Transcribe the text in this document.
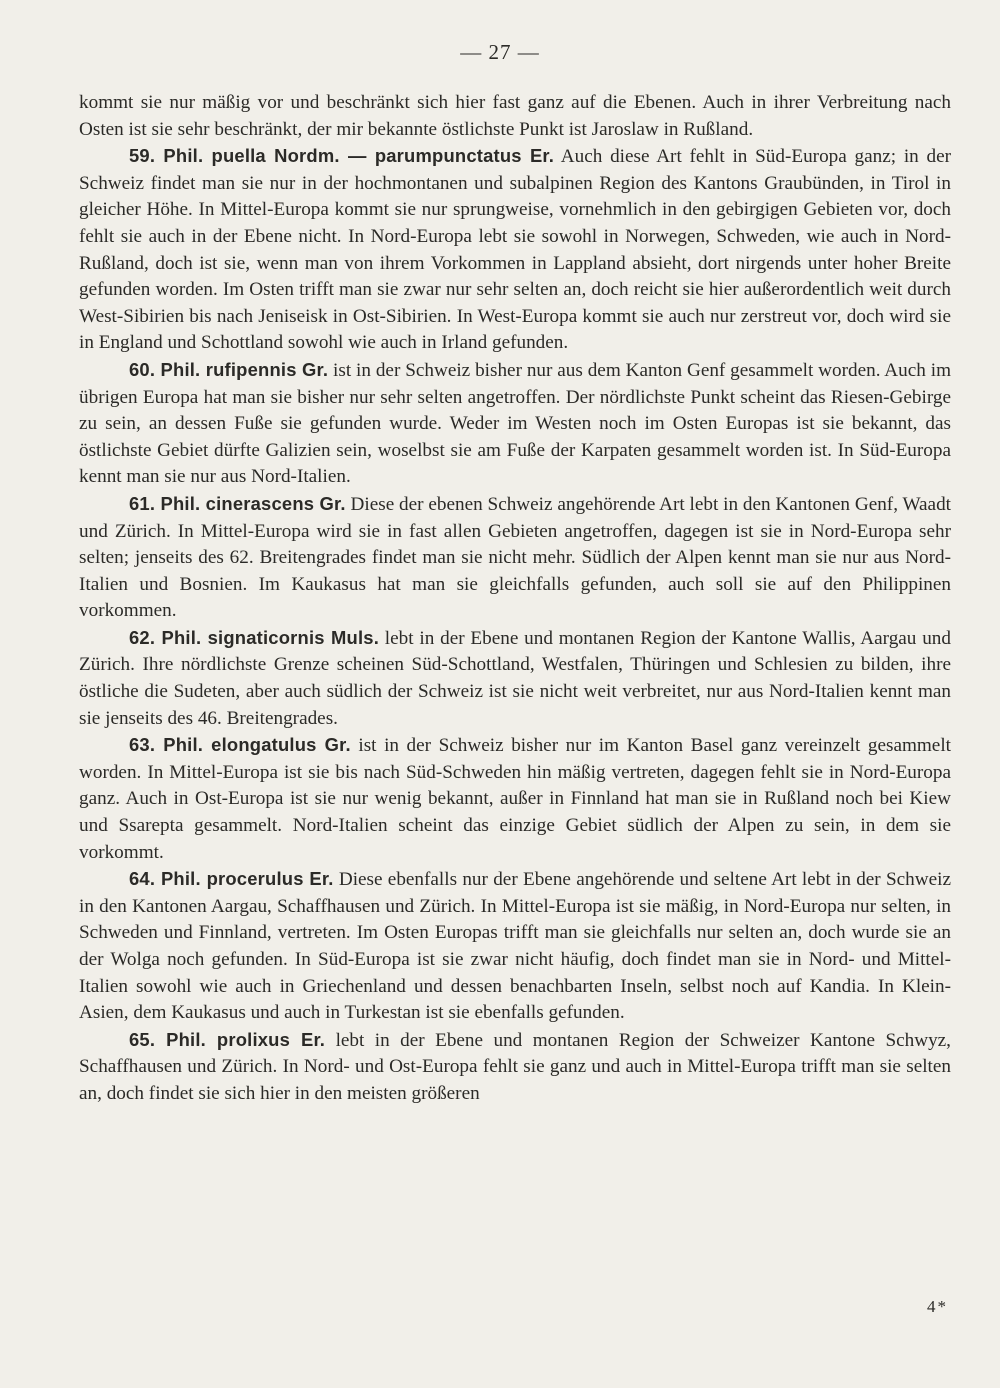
— 27 —

kommt sie nur mäßig vor und beschränkt sich hier fast ganz auf die Ebenen. Auch in ihrer Verbreitung nach Osten ist sie sehr beschränkt, der mir bekannte östlichste Punkt ist Jaroslaw in Rußland.

59. Phil. puella Nordm. — parumpunctatus Er. Auch diese Art fehlt in Süd-Europa ganz; in der Schweiz findet man sie nur in der hochmontanen und subalpinen Region des Kantons Graubünden, in Tirol in gleicher Höhe. In Mittel-Europa kommt sie nur sprungweise, vornehmlich in den gebirgigen Gebieten vor, doch fehlt sie auch in der Ebene nicht. In Nord-Europa lebt sie sowohl in Norwegen, Schweden, wie auch in Nord-Rußland, doch ist sie, wenn man von ihrem Vorkommen in Lappland absieht, dort nirgends unter hoher Breite gefunden worden. Im Osten trifft man sie zwar nur sehr selten an, doch reicht sie hier außerordentlich weit durch West-Sibirien bis nach Jeniseisk in Ost-Sibirien. In West-Europa kommt sie auch nur zerstreut vor, doch wird sie in England und Schottland sowohl wie auch in Irland gefunden.

60. Phil. rufipennis Gr. ist in der Schweiz bisher nur aus dem Kanton Genf gesammelt worden. Auch im übrigen Europa hat man sie bisher nur sehr selten angetroffen. Der nördlichste Punkt scheint das Riesen-Gebirge zu sein, an dessen Fuße sie gefunden wurde. Weder im Westen noch im Osten Europas ist sie bekannt, das östlichste Gebiet dürfte Galizien sein, woselbst sie am Fuße der Karpaten gesammelt worden ist. In Süd-Europa kennt man sie nur aus Nord-Italien.

61. Phil. cinerascens Gr. Diese der ebenen Schweiz angehörende Art lebt in den Kantonen Genf, Waadt und Zürich. In Mittel-Europa wird sie in fast allen Gebieten angetroffen, dagegen ist sie in Nord-Europa sehr selten; jenseits des 62. Breitengrades findet man sie nicht mehr. Südlich der Alpen kennt man sie nur aus Nord-Italien und Bosnien. Im Kaukasus hat man sie gleichfalls gefunden, auch soll sie auf den Philippinen vorkommen.

62. Phil. signaticornis Muls. lebt in der Ebene und montanen Region der Kantone Wallis, Aargau und Zürich. Ihre nördlichste Grenze scheinen Süd-Schottland, Westfalen, Thüringen und Schlesien zu bilden, ihre östliche die Sudeten, aber auch südlich der Schweiz ist sie nicht weit verbreitet, nur aus Nord-Italien kennt man sie jenseits des 46. Breitengrades.

63. Phil. elongatulus Gr. ist in der Schweiz bisher nur im Kanton Basel ganz vereinzelt gesammelt worden. In Mittel-Europa ist sie bis nach Süd-Schweden hin mäßig vertreten, dagegen fehlt sie in Nord-Europa ganz. Auch in Ost-Europa ist sie nur wenig bekannt, außer in Finnland hat man sie in Rußland noch bei Kiew und Ssarepta gesammelt. Nord-Italien scheint das einzige Gebiet südlich der Alpen zu sein, in dem sie vorkommt.

64. Phil. procerulus Er. Diese ebenfalls nur der Ebene angehörende und seltene Art lebt in der Schweiz in den Kantonen Aargau, Schaffhausen und Zürich. In Mittel-Europa ist sie mäßig, in Nord-Europa nur selten, in Schweden und Finnland, vertreten. Im Osten Europas trifft man sie gleichfalls nur selten an, doch wurde sie an der Wolga noch gefunden. In Süd-Europa ist sie zwar nicht häufig, doch findet man sie in Nord- und Mittel-Italien sowohl wie auch in Griechenland und dessen benachbarten Inseln, selbst noch auf Kandia. In Klein-Asien, dem Kaukasus und auch in Turkestan ist sie ebenfalls gefunden.

65. Phil. prolixus Er. lebt in der Ebene und montanen Region der Schweizer Kantone Schwyz, Schaffhausen und Zürich. In Nord- und Ost-Europa fehlt sie ganz und auch in Mittel-Europa trifft man sie selten an, doch findet sie sich hier in den meisten größeren

4*
